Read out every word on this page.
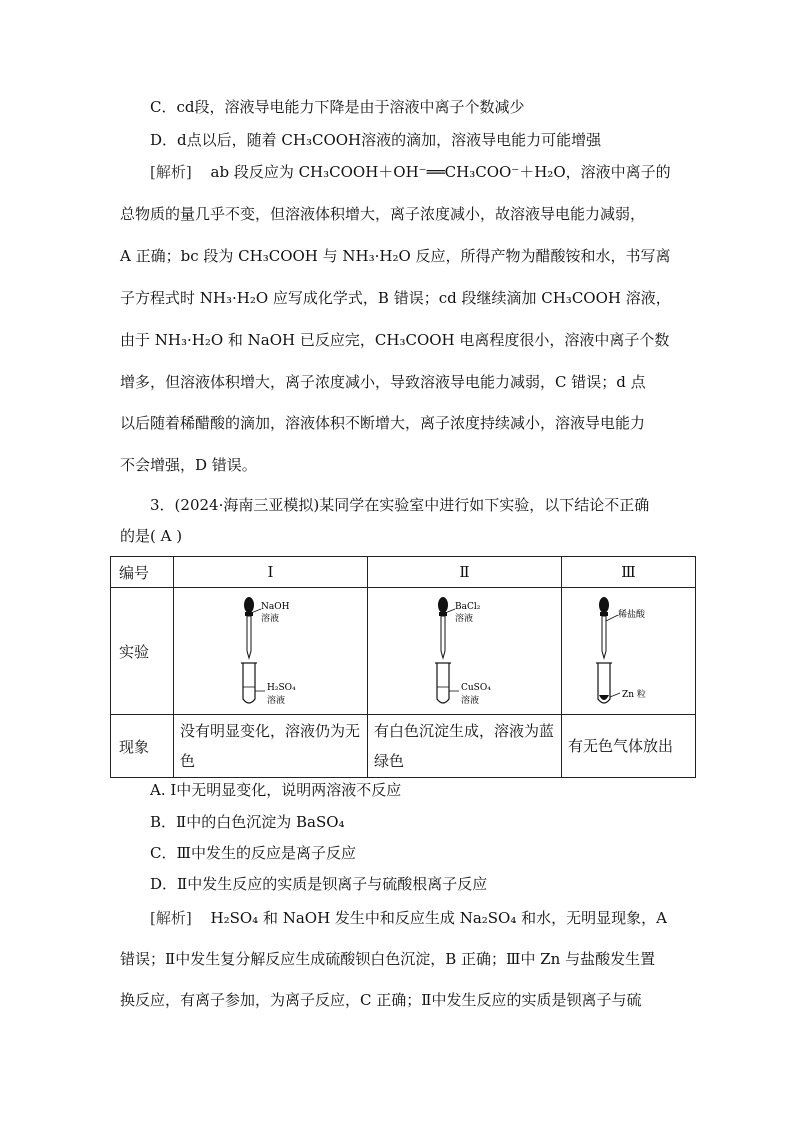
C．cd段，溶液导电能力下降是由于溶液中离子个数减少
D．d点以后，随着 CH₃COOH溶液的滴加，溶液导电能力可能增强
[解析] ab 段反应为 CH₃COOH＋OH⁻══CH₃COO⁻＋H₂O，溶液中离子的
总物质的量几乎不变，但溶液体积增大，离子浓度减小，故溶液导电能力减弱，
A 正确；bc 段为 CH₃COOH 与 NH₃·H₂O 反应，所得产物为醋酸铵和水，书写离
子方程式时 NH₃·H₂O 应写成化学式，B 错误；cd 段继续滴加 CH₃COOH 溶液，
由于 NH₃·H₂O 和 NaOH 已反应完，CH₃COOH 电离程度很小，溶液中离子个数
增多，但溶液体积增大，离子浓度减小，导致溶液导电能力减弱，C 错误；d 点
以后随着稀醋酸的滴加，溶液体积不断增大，离子浓度持续减小，溶液导电能力
不会增强，D 错误。
3．(2024·海南三亚模拟)某同学在实验室中进行如下实验，以下结论不正确
的是( A )
编号	Ⅰ	Ⅱ	Ⅲ
实验	NaOH
溶液
H₂SO₄
溶液	BaCl₂
溶液
CuSO₄
溶液	稀盐酸
Zn 粒

现象	没有明显变化，溶液仍为无色	有白色沉淀生成，溶液为蓝绿色	有无色气体放出
A. Ⅰ中无明显变化，说明两溶液不反应
B．Ⅱ中的白色沉淀为 BaSO₄
C．Ⅲ中发生的反应是离子反应
D．Ⅱ中发生反应的实质是钡离子与硫酸根离子反应
[解析] H₂SO₄ 和 NaOH 发生中和反应生成 Na₂SO₄ 和水，无明显现象，A
错误；Ⅱ中发生复分解反应生成硫酸钡白色沉淀，B 正确；Ⅲ中 Zn 与盐酸发生置
换反应，有离子参加，为离子反应，C 正确；Ⅱ中发生反应的实质是钡离子与硫
